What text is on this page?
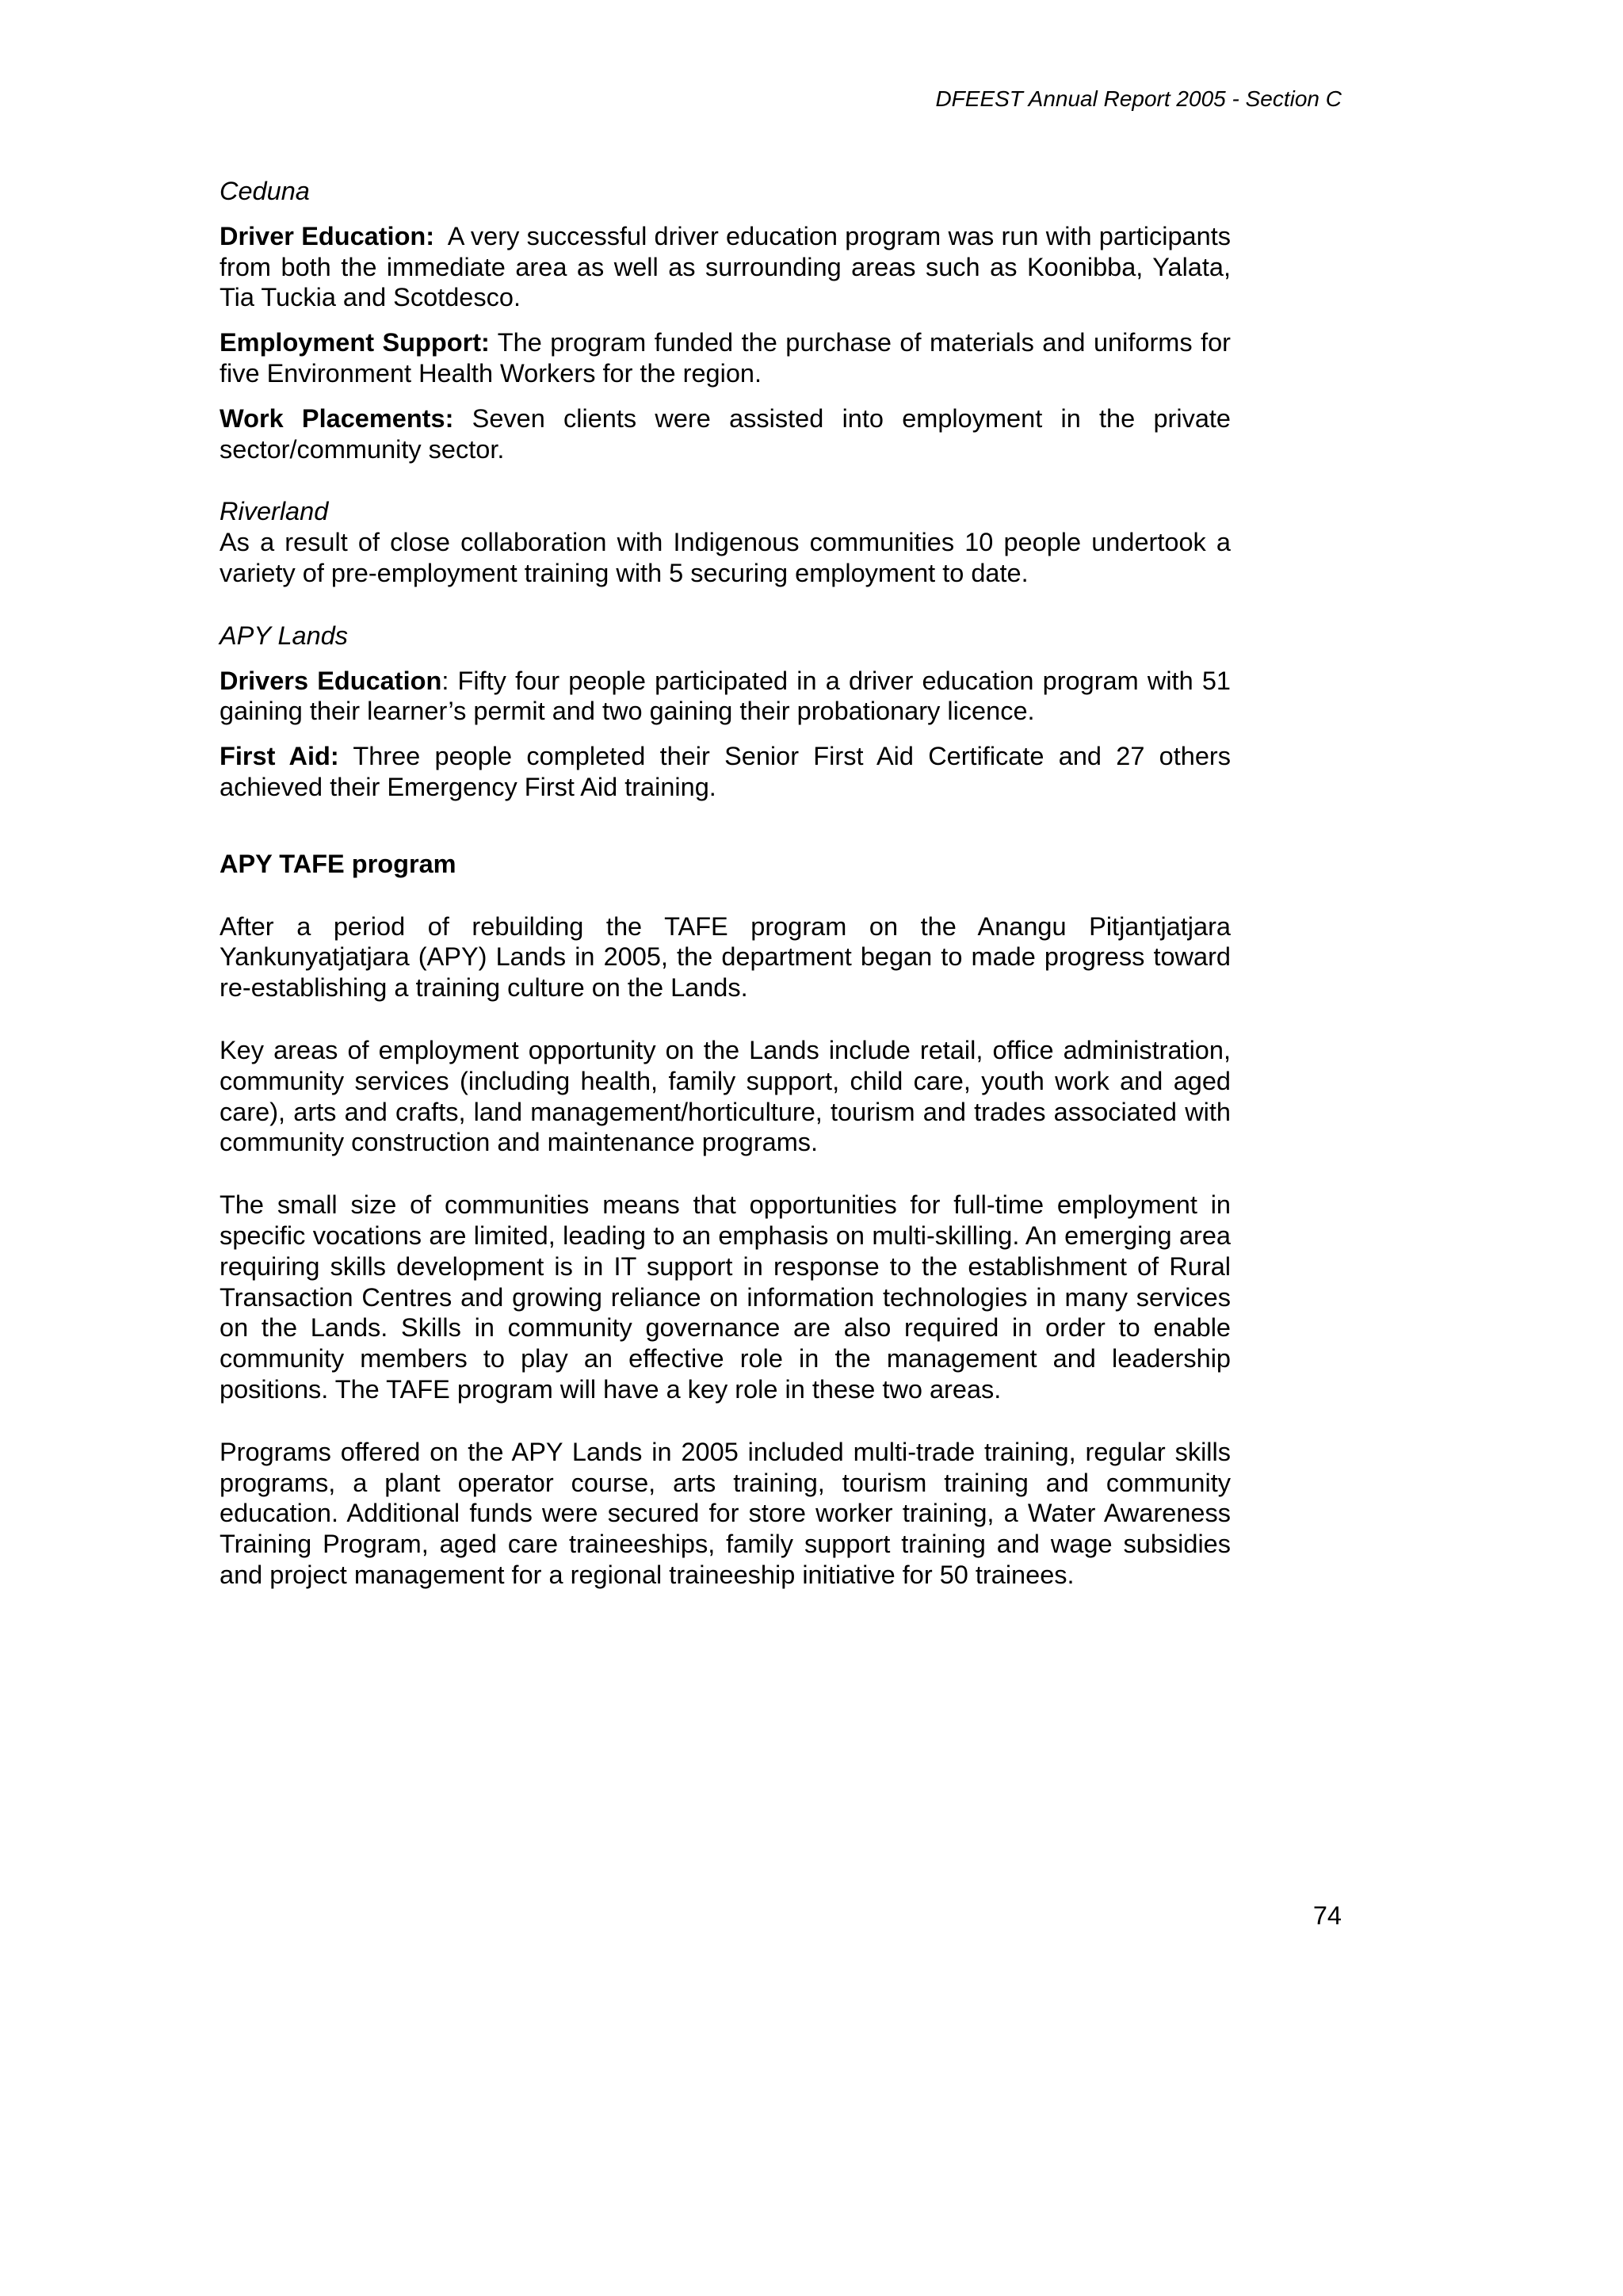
DFEEST Annual Report 2005 - Section C

Ceduna

Driver Education:  A very successful driver education program was run with participants from both the immediate area as well as surrounding areas such as Koonibba, Yalata, Tia Tuckia and Scotdesco.

Employment Support: The program funded the purchase of materials and uniforms for five Environment Health Workers for the region.

Work Placements: Seven clients were assisted into employment in the private sector/community sector.

Riverland

As a result of close collaboration with Indigenous communities 10 people undertook a variety of pre-employment training with 5 securing employment to date.

APY Lands

Drivers Education: Fifty four people participated in a driver education program with 51 gaining their learner’s permit and two gaining their probationary licence.

First Aid: Three people completed their Senior First Aid Certificate and 27 others achieved their Emergency First Aid training.

APY TAFE program

After a period of rebuilding the TAFE program on the Anangu Pitjantjatjara Yankunyatjatjara (APY) Lands in 2005, the department began to made progress toward re-establishing a training culture on the Lands.

Key areas of employment opportunity on the Lands include retail, office administration, community services (including health, family support, child care, youth work and aged care), arts and crafts, land management/horticulture, tourism and trades associated with community construction and maintenance programs.

The small size of communities means that opportunities for full-time employment in specific vocations are limited, leading to an emphasis on multi-skilling. An emerging area requiring skills development is in IT support in response to the establishment of Rural Transaction Centres and growing reliance on information technologies in many services on the Lands. Skills in community governance are also required in order to enable community members to play an effective role in the management and leadership positions. The TAFE program will have a key role in these two areas.

Programs offered on the APY Lands in 2005 included multi-trade training, regular skills programs, a plant operator course, arts training, tourism training and community education. Additional funds were secured for store worker training, a Water Awareness Training Program, aged care traineeships, family support training and wage subsidies and project management for a regional traineeship initiative for 50 trainees.

74
